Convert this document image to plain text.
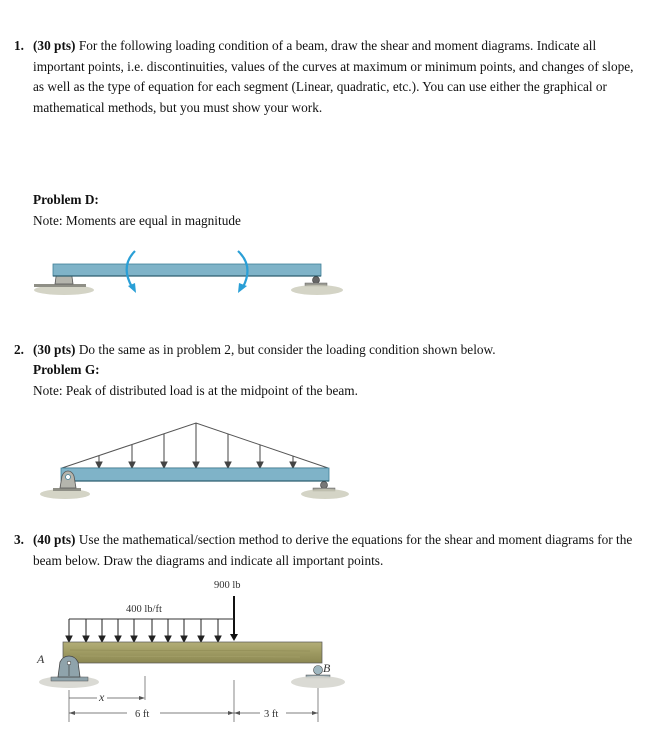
1. (30 pts) For the following loading condition of a beam, draw the shear and moment diagrams. Indicate all important points, i.e. discontinuities, values of the curves at maximum or minimum points, and changes of slope, as well as the type of equation for each segment (Linear, quadratic, etc.). You can use either the graphical or mathematical methods, but you must show your work.
Problem D:
Note: Moments are equal in magnitude
2. (30 pts) Do the same as in problem 2, but consider the loading condition shown below.
Problem G:
Note: Peak of distributed load is at the midpoint of the beam.
3. (40 pts) Use the mathematical/section method to derive the equations for the shear and moment diagrams for the beam below. Draw the diagrams and indicate all important points.
900 lb
400 lb/ft
A
B
x
6 ft	3 ft
